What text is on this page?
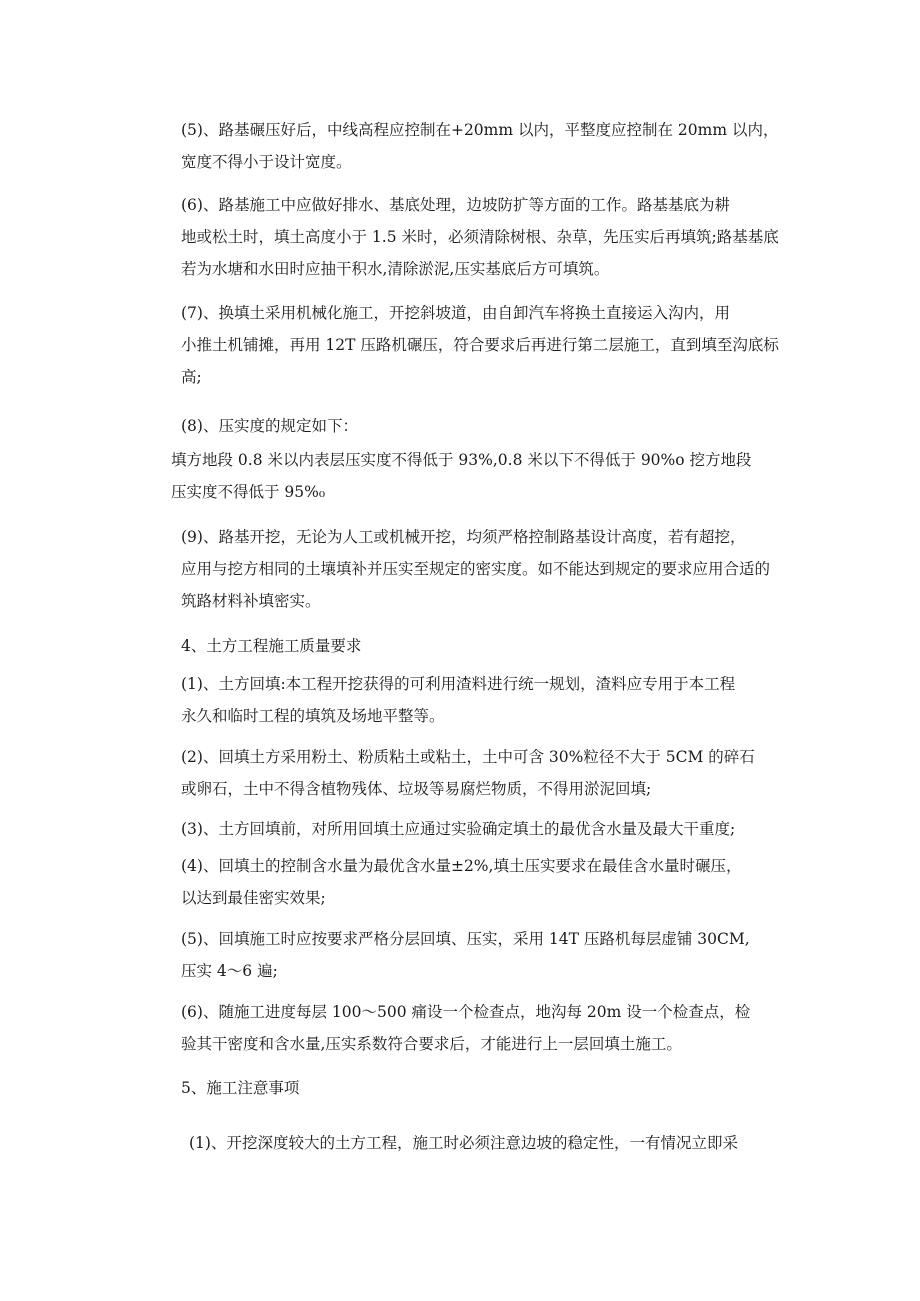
(5)、路基碾压好后，中线高程应控制在+20mm 以内，平整度应控制在 20mm 以内，
宽度不得小于设计宽度。
(6)、路基施工中应做好排水、基底处理，边坡防扩等方面的工作。路基基底为耕
地或松土时，填土高度小于 1.5 米时，必须清除树根、杂草，先压实后再填筑;路基基底
若为水塘和水田时应抽干积水,清除淤泥,压实基底后方可填筑。
(7)、换填土采用机械化施工，开挖斜坡道，由自卸汽车将换土直接运入沟内，用
小推土机铺摊，再用 12T 压路机碾压，符合要求后再进行第二层施工，直到填至沟底标
高;
(8)、压实度的规定如下：
填方地段 0.8 米以内表层压实度不得低于 93%,0.8 米以下不得低于 90%o 挖方地段
压实度不得低于 95%₀
(9)、路基开挖，无论为人工或机械开挖，均须严格控制路基设计高度，若有超挖，
应用与挖方相同的土壤填补并压实至规定的密实度。如不能达到规定的要求应用合适的
筑路材料补填密实。
4、土方工程施工质量要求
(1)、土方回填:本工程开挖获得的可利用渣料进行统一规划，渣料应专用于本工程
永久和临时工程的填筑及场地平整等。
(2)、回填土方采用粉土、粉质粘土或粘土，土中可含 30%粒径不大于 5CM 的碎石
或卵石，土中不得含植物残体、垃圾等易腐烂物质，不得用淤泥回填;
(3)、土方回填前，对所用回填土应通过实验确定填土的最优含水量及最大干重度;
(4)、回填土的控制含水量为最优含水量±2%,填土压实要求在最佳含水量时碾压，
以达到最佳密实效果;
(5)、回填施工时应按要求严格分层回填、压实，采用 14T 压路机每层虚铺 30CM,
压实 4～6 遍;
(6)、随施工进度每层 100～500 痛设一个检查点，地沟每 20m 设一个检查点，检
验其干密度和含水量,压实系数符合要求后，才能进行上一层回填土施工。
5、施工注意事项
(1)、开挖深度较大的土方工程，施工时必须注意边坡的稳定性，一有情况立即采
